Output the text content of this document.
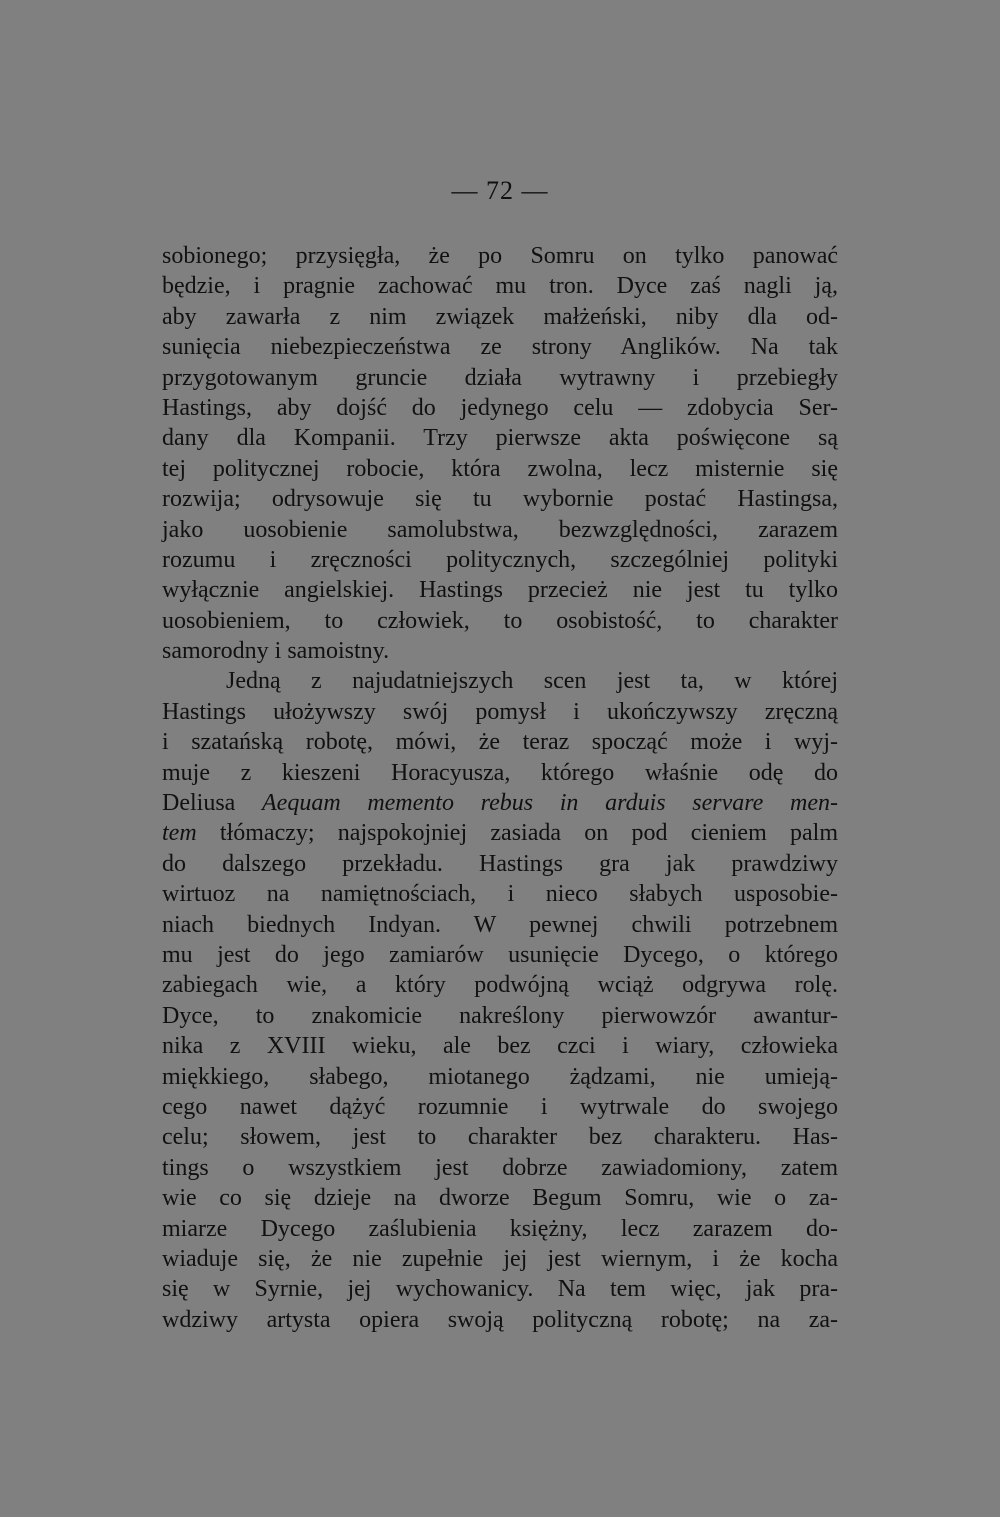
— 72 —
sobionego; przysięgła, że po Somru on tylko panować
będzie, i pragnie zachować mu tron. Dyce zaś nagli ją,
aby zawarła z nim związek małżeński, niby dla od-
sunięcia niebezpieczeństwa ze strony Anglików. Na tak
przygotowanym gruncie działa wytrawny i przebiegły
Hastings, aby dojść do jedynego celu — zdobycia Ser-
dany dla Kompanii. Trzy pierwsze akta poświęcone są
tej politycznej robocie, która zwolna, lecz misternie się
rozwija; odrysowuje się tu wybornie postać Hastingsa,
jako uosobienie samolubstwa, bezwzględności, zarazem
rozumu i zręczności politycznych, szczególniej polityki
wyłącznie angielskiej. Hastings przecież nie jest tu tylko
uosobieniem, to człowiek, to osobistość, to charakter
samorodny i samoistny.
Jedną z najudatniejszych scen jest ta, w której
Hastings ułożywszy swój pomysł i ukończywszy zręczną
i szatańską robotę, mówi, że teraz spocząć może i wyj-
muje z kieszeni Horacyusza, którego właśnie odę do
Deliusa Aequam memento rebus in arduis servare men-
tem tłómaczy; najspokojniej zasiada on pod cieniem palm
do dalszego przekładu. Hastings gra jak prawdziwy
wirtuoz na namiętnościach, i nieco słabych usposobie-
niach biednych Indyan. W pewnej chwili potrzebnem
mu jest do jego zamiarów usunięcie Dycego, o którego
zabiegach wie, a który podwójną wciąż odgrywa rolę.
Dyce, to znakomicie nakreślony pierwowzór awantur-
nika z XVIII wieku, ale bez czci i wiary, człowieka
miękkiego, słabego, miotanego żądzami, nie umieją-
cego nawet dążyć rozumnie i wytrwale do swojego
celu; słowem, jest to charakter bez charakteru. Has-
tings o wszystkiem jest dobrze zawiadomiony, zatem
wie co się dzieje na dworze Begum Somru, wie o za-
miarze Dycego zaślubienia księżny, lecz zarazem do-
wiaduje się, że nie zupełnie jej jest wiernym, i że kocha
się w Syrnie, jej wychowanicy. Na tem więc, jak pra-
wdziwy artysta opiera swoją polityczną robotę; na za-
